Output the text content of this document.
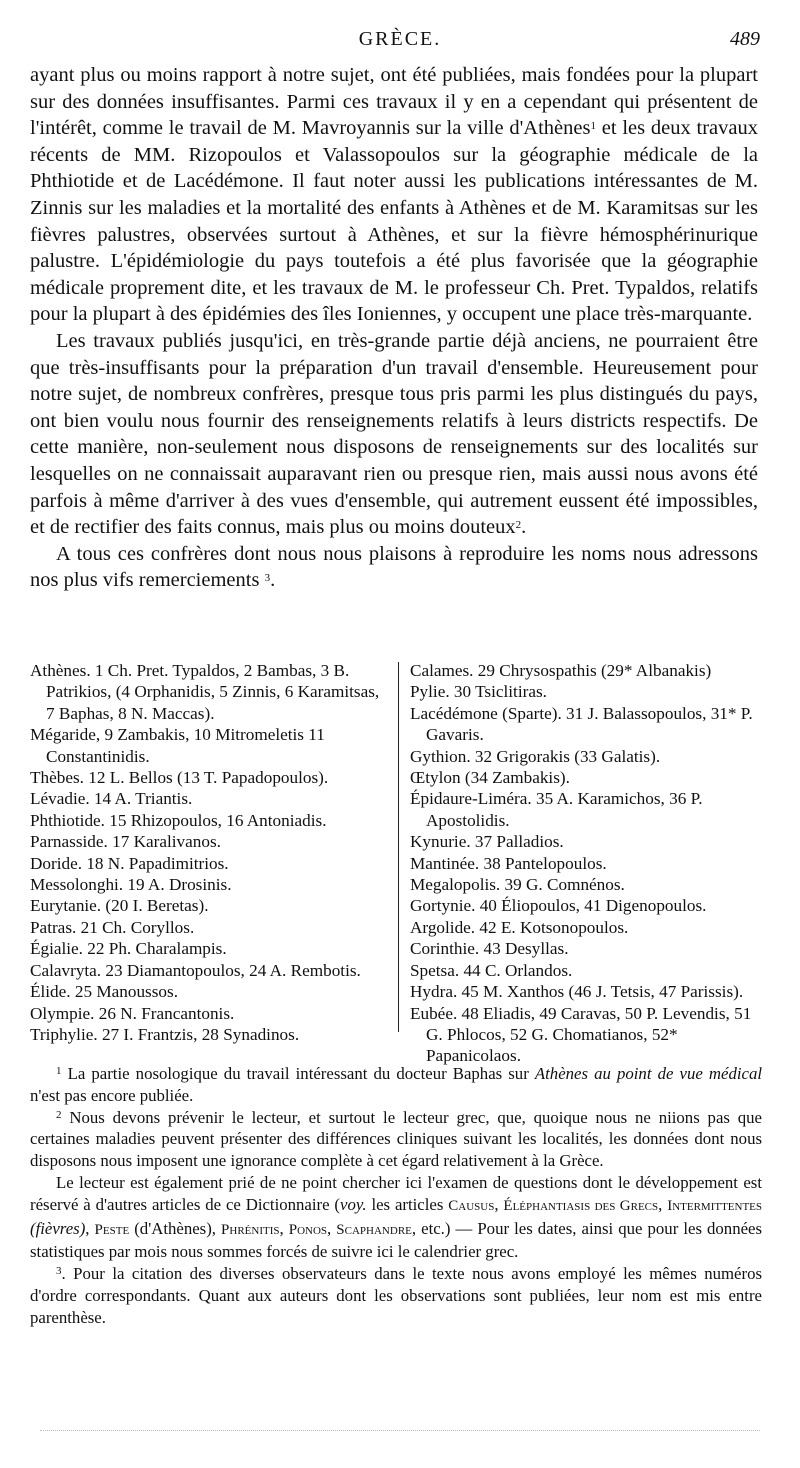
GRÈCE.	489

ayant plus ou moins rapport à notre sujet, ont été publiées, mais fondées pour la plupart sur des données insuffisantes. Parmi ces travaux il y en a cependant qui présentent de l'intérêt, comme le travail de M. Mavroyannis sur la ville d'Athènes$^1$ et les deux travaux récents de MM. Rizopoulos et Valassopoulos sur la géographie médicale de la Phthiotide et de Lacédémone. Il faut noter aussi les publications intéressantes de M. Zinnis sur les maladies et la mortalité des enfants à Athènes et de M. Karamitsas sur les fièvres palustres, observées surtout à Athènes, et sur la fièvre hémosphérinurique palustre. L'épidémiologie du pays toutefois a été plus favorisée que la géographie médicale proprement dite, et les travaux de M. le professeur Ch. Pret. Typaldos, relatifs pour la plupart à des épidémies des îles Ioniennes, y occupent une place très-marquante.

Les travaux publiés jusqu'ici, en très-grande partie déjà anciens, ne pourraient être que très-insuffisants pour la préparation d'un travail d'ensemble. Heureusement pour notre sujet, de nombreux confrères, presque tous pris parmi les plus distingués du pays, ont bien voulu nous fournir des renseignements relatifs à leurs districts respectifs. De cette manière, non-seulement nous disposons de renseignements sur des localités sur lesquelles on ne connaissait auparavant rien ou presque rien, mais aussi nous avons été parfois à même d'arriver à des vues d'ensemble, qui autrement eussent été impossibles, et de rectifier des faits connus, mais plus ou moins douteux$^2$.

A tous ces confrères dont nous nous plaisons à reproduire les noms nous adressons nos plus vifs remerciements $^3$.

Athènes. 1 Ch. Pret. Typaldos, 2 Bambas, 3 B. Patrikios, (4 Orphanidis, 5 Zinnis, 6 Karamitsas, 7 Baphas, 8 N. Maccas).

Mégaride, 9 Zambakis, 10 Mitromeletis 11 Constantinidis.

Thèbes. 12 L. Bellos (13 T. Papadopoulos).

Lévadie. 14 A. Triantis.

Phthiotide. 15 Rhizopoulos, 16 Antoniadis.

Parnasside. 17 Karalivanos.

Doride. 18 N. Papadimitrios.

Messolonghi. 19 A. Drosinis.

Eurytanie. (20 I. Beretas).

Patras. 21 Ch. Coryllos.

Égialie. 22 Ph. Charalampis.

Calavryta. 23 Diamantopoulos, 24 A. Rembotis.

Élide. 25 Manoussos.

Olympie. 26 N. Francantonis.

Triphylie. 27 I. Frantzis, 28 Synadinos.

Calames. 29 Chrysospathis (29* Albanakis)

Pylie. 30 Tsiclitiras.

Lacédémone (Sparte). 31 J. Balassopoulos, 31* P. Gavaris.

Gythion. 32 Grigorakis (33 Galatis).

Œtylon (34 Zambakis).

Épidaure-Liméra. 35 A. Karamichos, 36 P. Apostolidis.

Kynurie. 37 Palladios.

Mantinée. 38 Pantelopoulos.

Megalopolis. 39 G. Comnénos.

Gortynie. 40 Éliopoulos, 41 Digenopoulos.

Argolide. 42 E. Kotsonopoulos.

Corinthie. 43 Desyllas.

Spetsa. 44 C. Orlandos.

Hydra. 45 M. Xanthos (46 J. Tetsis, 47 Parissis).

Eubée. 48 Eliadis, 49 Caravas, 50 P. Levendis, 51 G. Phlocos, 52 G. Chomatianos, 52* Papanicolaos.

$^1$ La partie nosologique du travail intéressant du docteur Baphas sur Athènes au point de vue médical n'est pas encore publiée.

$^2$ Nous devons prévenir le lecteur, et surtout le lecteur grec, que, quoique nous ne niions pas que certaines maladies peuvent présenter des différences cliniques suivant les localités, les données dont nous disposons nous imposent une ignorance complète à cet égard relativement à la Grèce.

Le lecteur est également prié de ne point chercher ici l'examen de questions dont le développement est réservé à d'autres articles de ce Dictionnaire (voy. les articles Causus, Éléphantiasis des Grecs, Intermittentes (fièvres), Peste (d'Athènes), Phrénitis, Ponos, Scaphandre, etc.) — Pour les dates, ainsi que pour les données statistiques par mois nous sommes forcés de suivre ici le calendrier grec.

$^3$. Pour la citation des diverses observateurs dans le texte nous avons employé les mêmes numéros d'ordre correspondants. Quant aux auteurs dont les observations sont publiées, leur nom est mis entre parenthèse.
